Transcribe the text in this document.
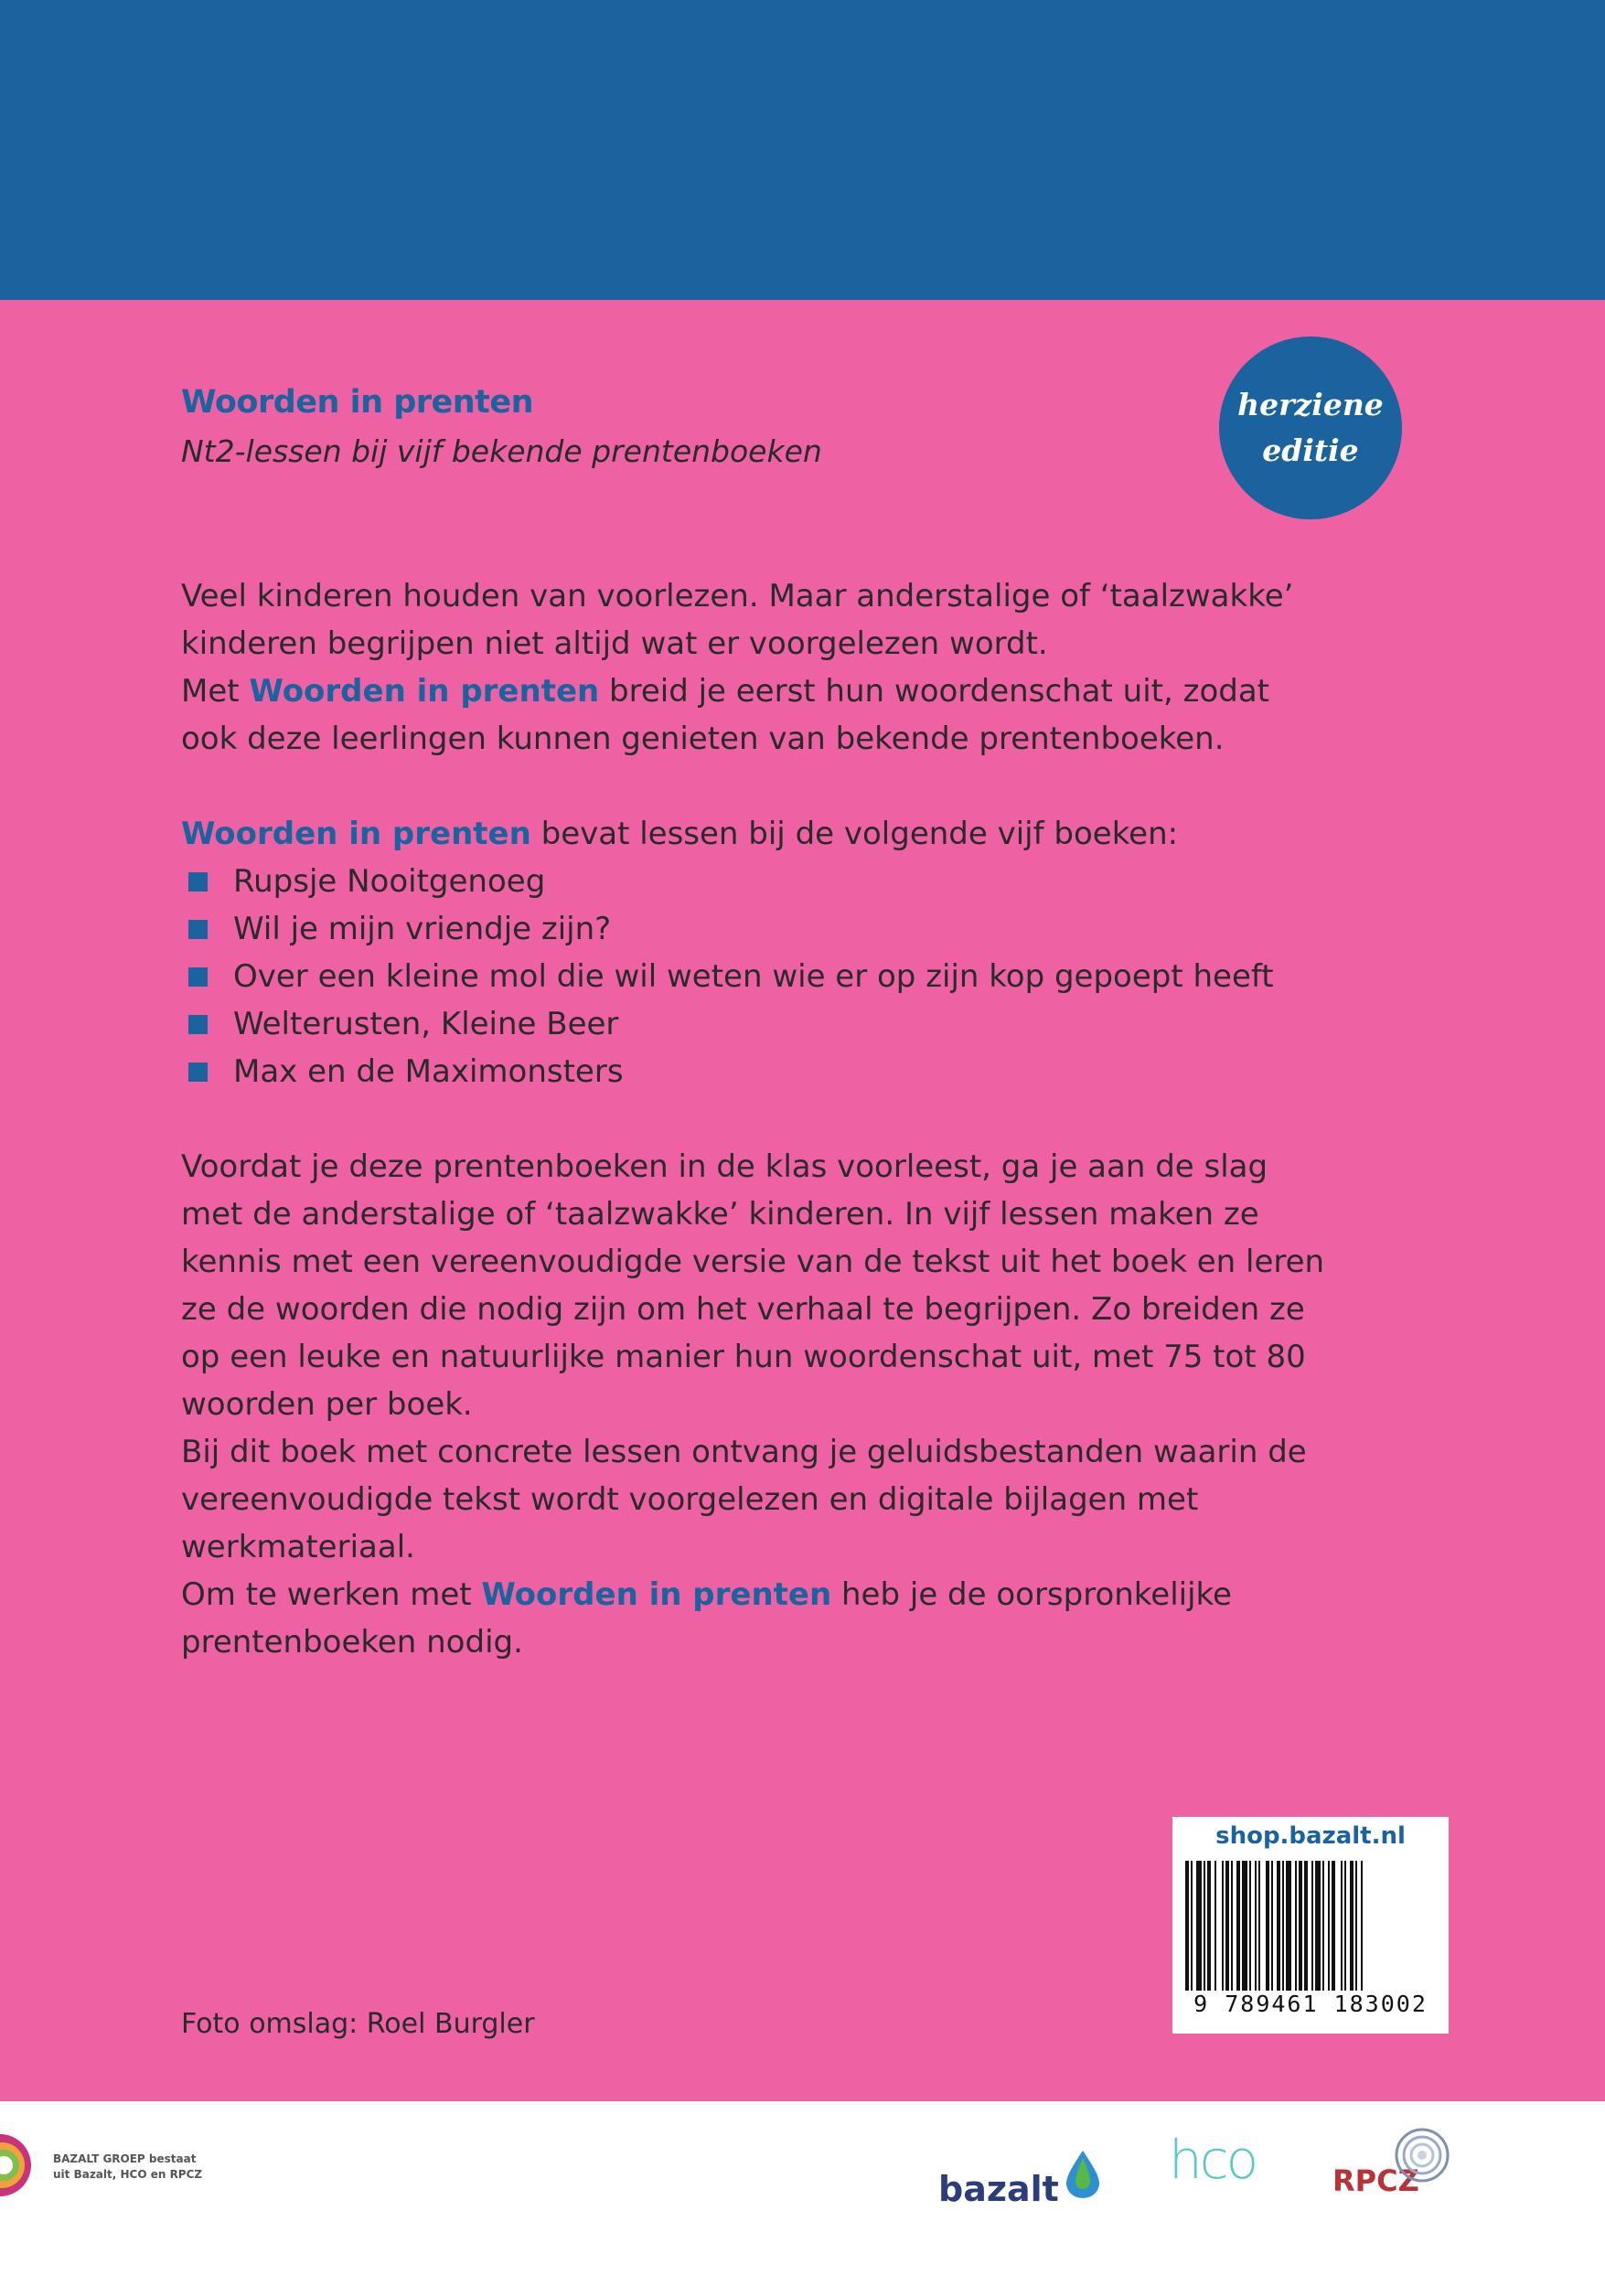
herziene
editie
Woorden in prenten
Nt2-lessen bij vijf bekende prentenboeken

Veel kinderen houden van voorlezen. Maar anderstalige of ‘taalzwakke’ kinderen begrijpen niet altijd wat er voorgelezen wordt.

Met Woorden in prenten breid je eerst hun woordenschat uit, zodat ook deze leerlingen kunnen genieten van bekende prentenboeken.

Woorden in prenten bevat lessen bij de volgende vijf boeken:

Rupsje Nooitgenoeg
Wil je mijn vriendje zijn?
Over een kleine mol die wil weten wie er op zijn kop gepoept heeft
Welterusten, Kleine Beer
Max en de Maximonsters

Voordat je deze prentenboeken in de klas voorleest, ga je aan de slag met de anderstalige of ‘taalzwakke’ kinderen. In vijf lessen maken ze kennis met een vereenvoudigde versie van de tekst uit het boek en leren ze de woorden die nodig zijn om het verhaal te begrijpen. Zo breiden ze op een leuke en natuurlijke manier hun woordenschat uit, met 75 tot 80 woorden per boek.

Bij dit boek met concrete lessen ontvang je geluidsbestanden waarin de vereenvoudigde tekst wordt voorgelezen en digitale bijlagen met werkmateriaal.

Om te werken met Woorden in prenten heb je de oorspronkelijke prentenboeken nodig.

shop.bazalt.nl
9 789461 183002
Foto omslag: Roel Burgler
BAZALT GROEP bestaat
uit Bazalt, HCO en RPCZ	bazalt hco	RPCZ
